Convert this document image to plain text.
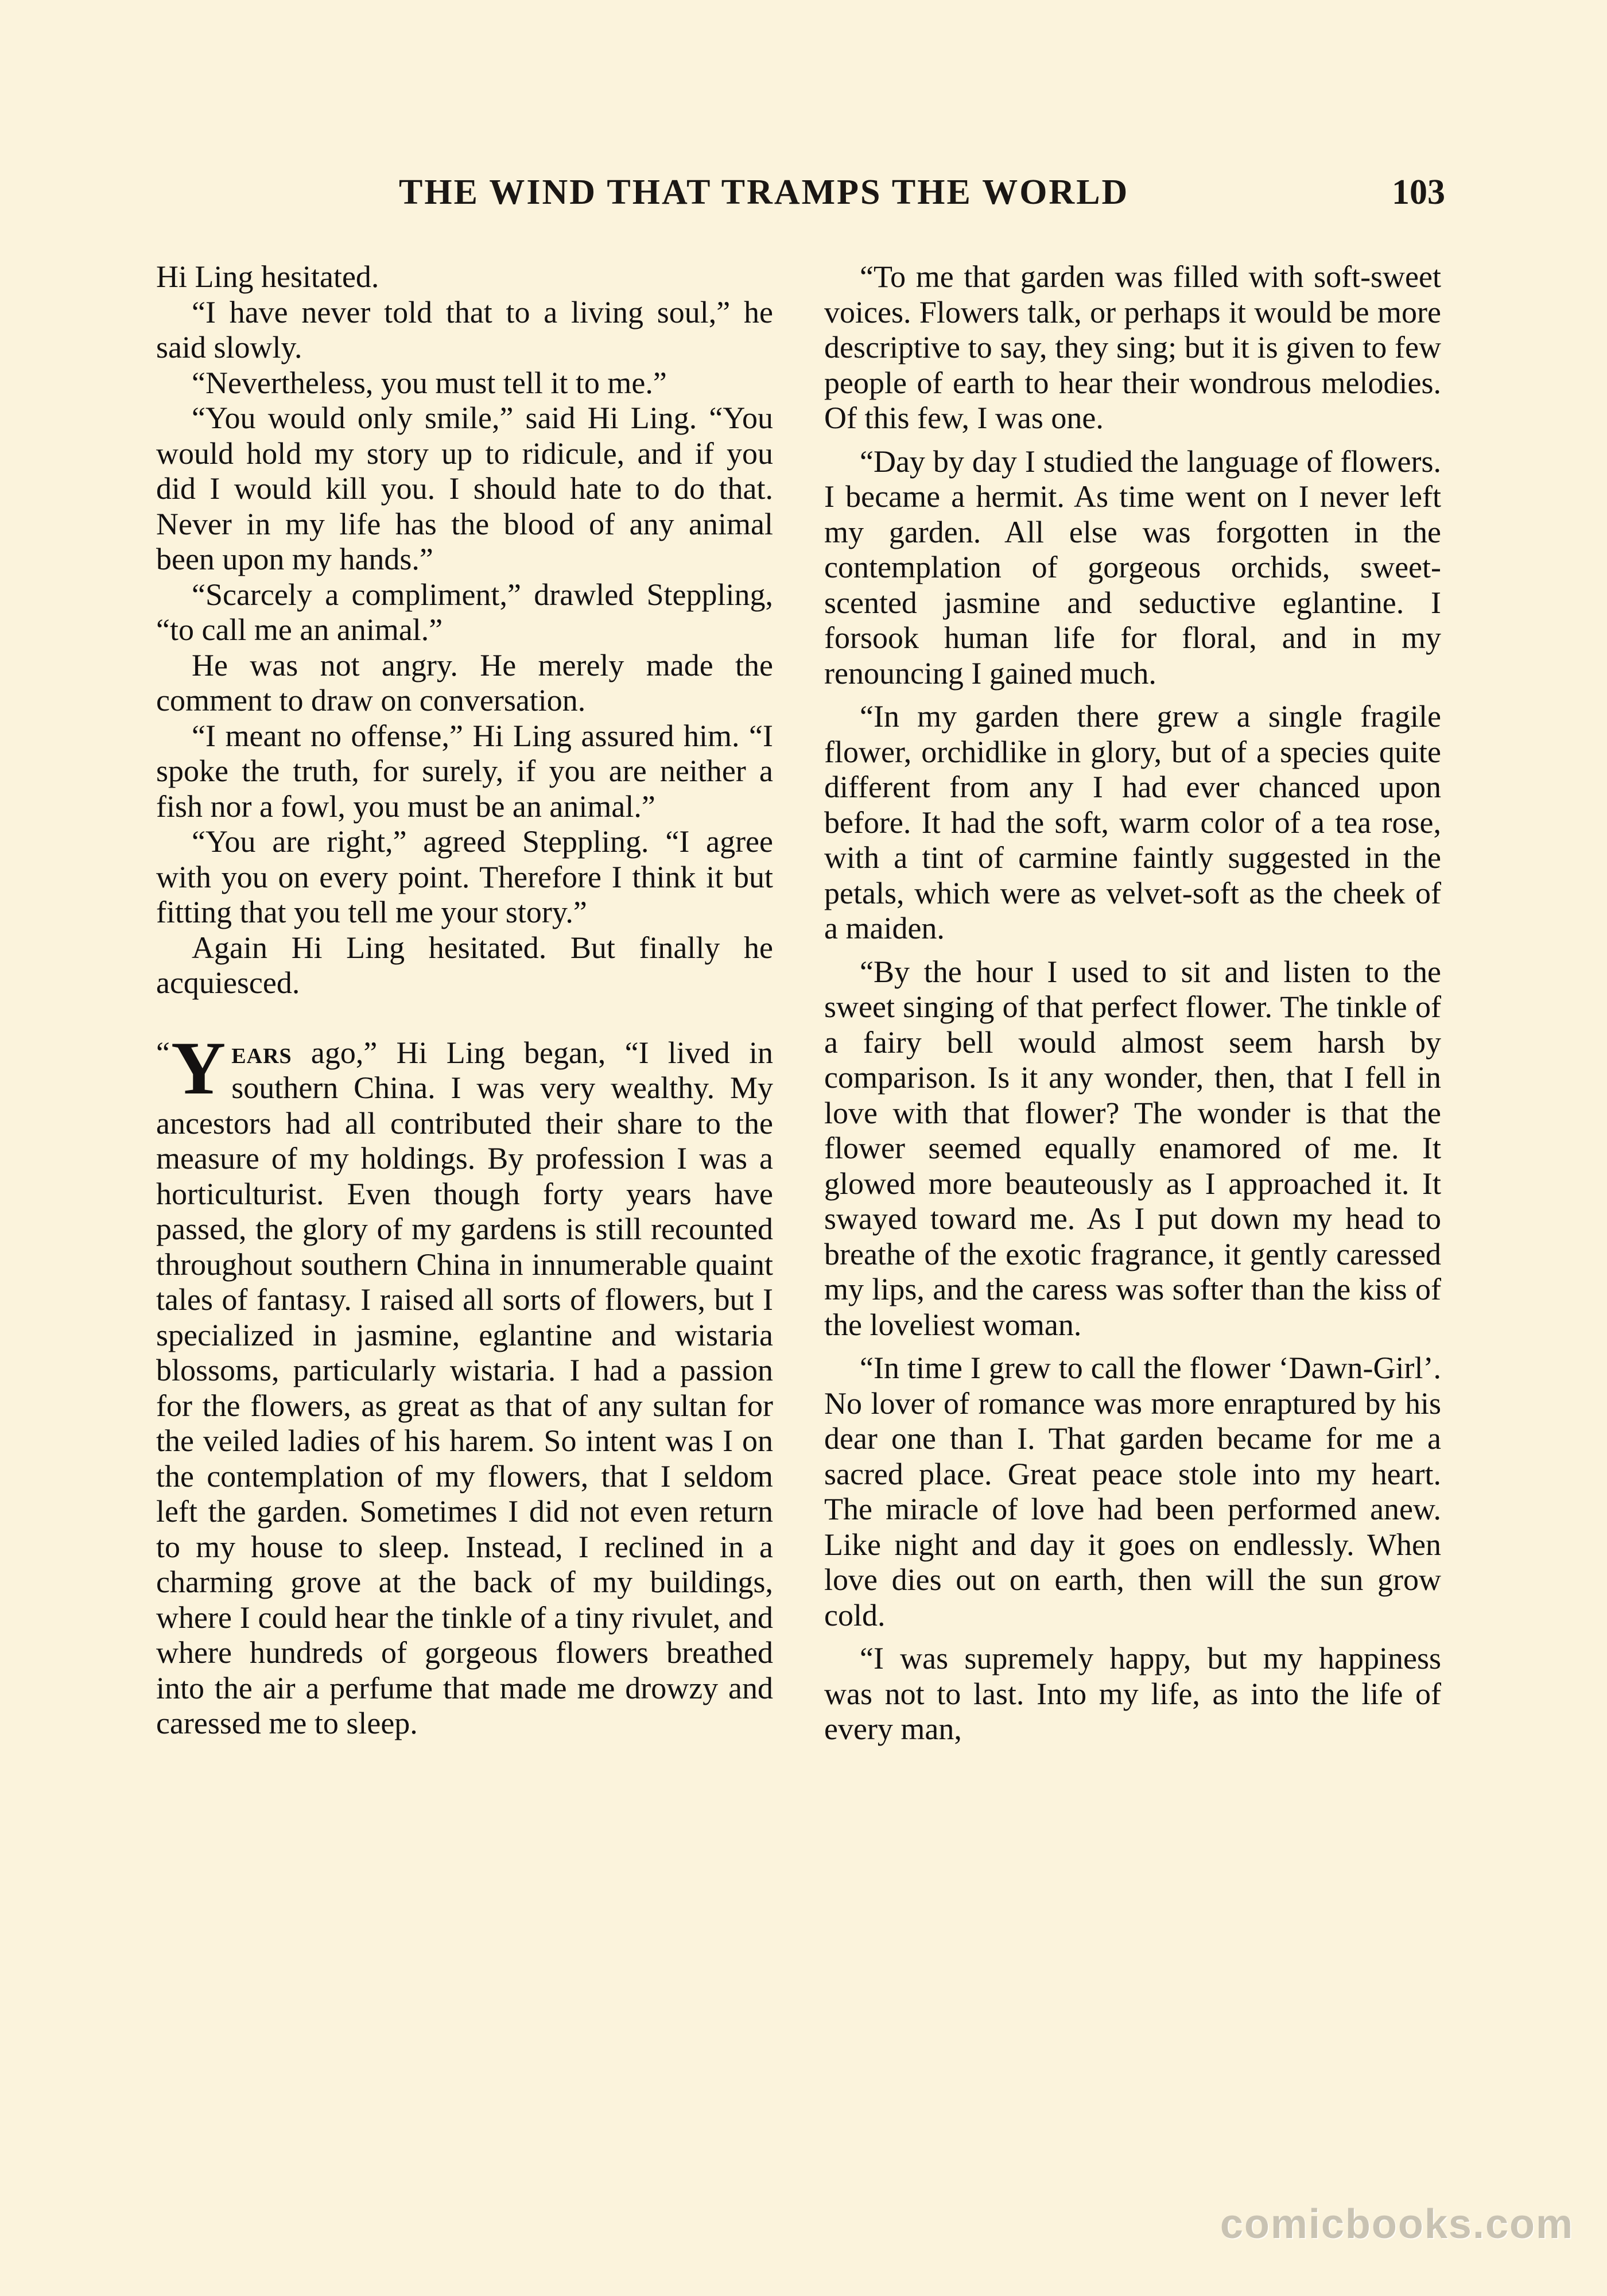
THE WIND THAT TRAMPS THE WORLD	103

Hi Ling hesitated.

“I have never told that to a living soul,” he said slowly.

“Nevertheless, you must tell it to me.”

“You would only smile,” said Hi Ling. “You would hold my story up to ridicule, and if you did I would kill you. I should hate to do that. Never in my life has the blood of any animal been upon my hands.”

“Scarcely a compliment,” drawled Steppling, “to call me an animal.”

He was not angry. He merely made the comment to draw on conversation.

“I meant no offense,” Hi Ling assured him. “I spoke the truth, for surely, if you are neither a fish nor a fowl, you must be an animal.”

“You are right,” agreed Steppling. “I agree with you on every point. Therefore I think it but fitting that you tell me your story.”

Again Hi Ling hesitated. But finally he acquiesced.

“ Y ears ago,” Hi Ling began, “I lived in southern China. I was very wealthy. My ancestors had all contributed their share to the measure of my holdings. By profession I was a horticulturist. Even though forty years have passed, the glory of my gardens is still recounted throughout southern China in innumerable quaint tales of fantasy. I raised all sorts of flowers, but I specialized in jasmine, eglantine and wistaria blossoms, particularly wistaria. I had a passion for the flowers, as great as that of any sultan for the veiled ladies of his harem. So intent was I on the contemplation of my flowers, that I seldom left the garden. Sometimes I did not even return to my house to sleep. Instead, I reclined in a charming grove at the back of my buildings, where I could hear the tinkle of a tiny rivulet, and where hundreds of gorgeous flowers breathed into the air a perfume that made me drowzy and caressed me to sleep.

“To me that garden was filled with soft-sweet voices. Flowers talk, or perhaps it would be more descriptive to say, they sing; but it is given to few people of earth to hear their wondrous melodies. Of this few, I was one.

“Day by day I studied the language of flowers. I became a hermit. As time went on I never left my garden. All else was forgotten in the contemplation of gorgeous orchids, sweet-scented jasmine and seductive eglantine. I forsook human life for floral, and in my renouncing I gained much.

“In my garden there grew a single fragile flower, orchidlike in glory, but of a species quite different from any I had ever chanced upon before. It had the soft, warm color of a tea rose, with a tint of carmine faintly suggested in the petals, which were as velvet-soft as the cheek of a maiden.

“By the hour I used to sit and listen to the sweet singing of that perfect flower. The tinkle of a fairy bell would almost seem harsh by comparison. Is it any wonder, then, that I fell in love with that flower? The wonder is that the flower seemed equally enamored of me. It glowed more beauteously as I approached it. It swayed toward me. As I put down my head to breathe of the exotic fragrance, it gently caressed my lips, and the caress was softer than the kiss of the loveliest woman.

“In time I grew to call the flower ‘Dawn-Girl’. No lover of romance was more enraptured by his dear one than I. That garden became for me a sacred place. Great peace stole into my heart. The miracle of love had been performed anew. Like night and day it goes on endlessly. When love dies out on earth, then will the sun grow cold.

“I was supremely happy, but my happiness was not to last. Into my life, as into the life of every man,

comicbooks.com
